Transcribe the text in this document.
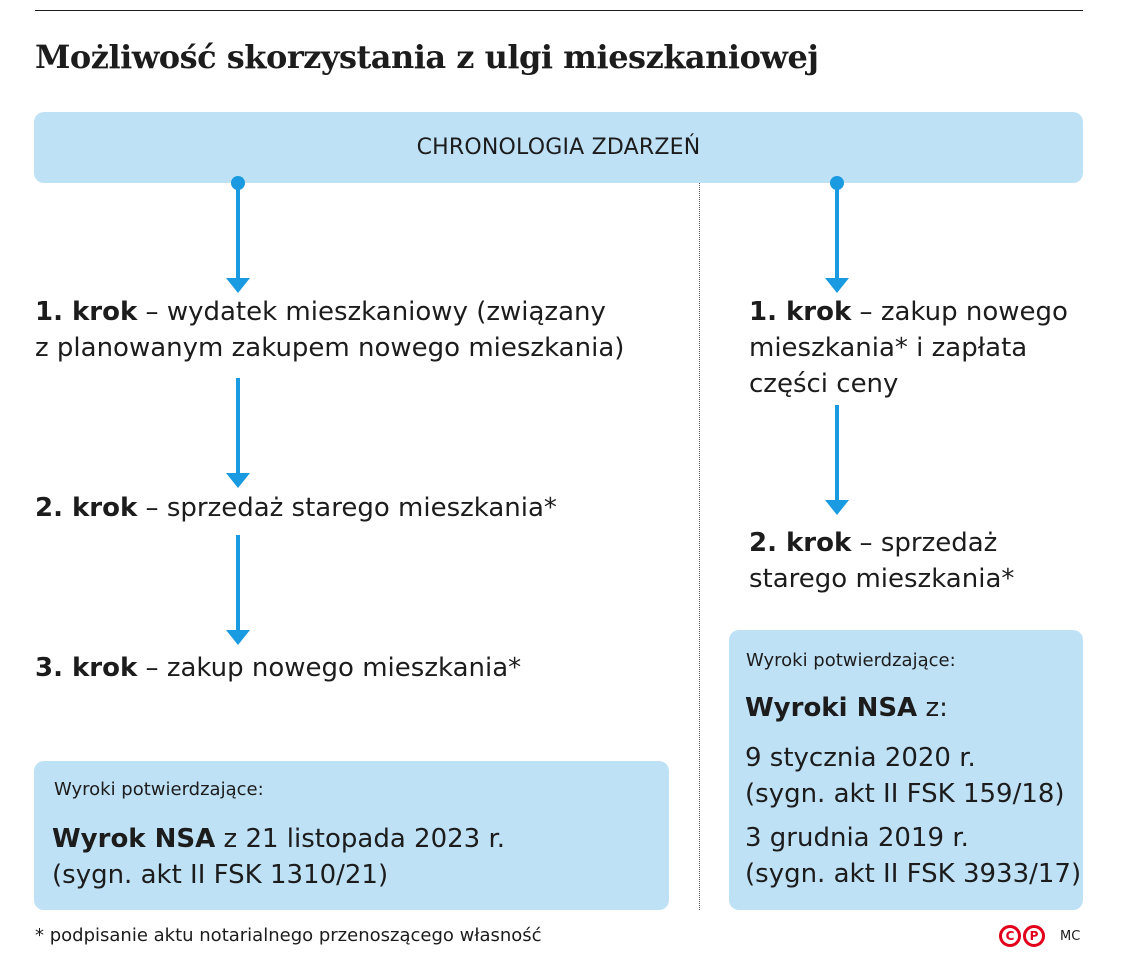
Możliwość skorzystania z ulgi mieszkaniowej
CHRONOLOGIA ZDARZEŃ
1. krok – wydatek mieszkaniowy (związany
z planowanym zakupem nowego mieszkania)
2. krok – sprzedaż starego mieszkania*
3. krok – zakup nowego mieszkania*
Wyroki potwierdzające:
Wyrok NSA z 21 listopada 2023 r.
(sygn. akt II FSK 1310/21)
1. krok – zakup nowego
mieszkania* i zapłata
części ceny
2. krok – sprzedaż
starego mieszkania*
Wyroki potwierdzające:
Wyroki NSA z:
9 stycznia 2020 r.
(sygn. akt II FSK 159/18)
3 grudnia 2019 r.
(sygn. akt II FSK 3933/17)
* podpisanie aktu notarialnego przenoszącego własność	C	P	MC
